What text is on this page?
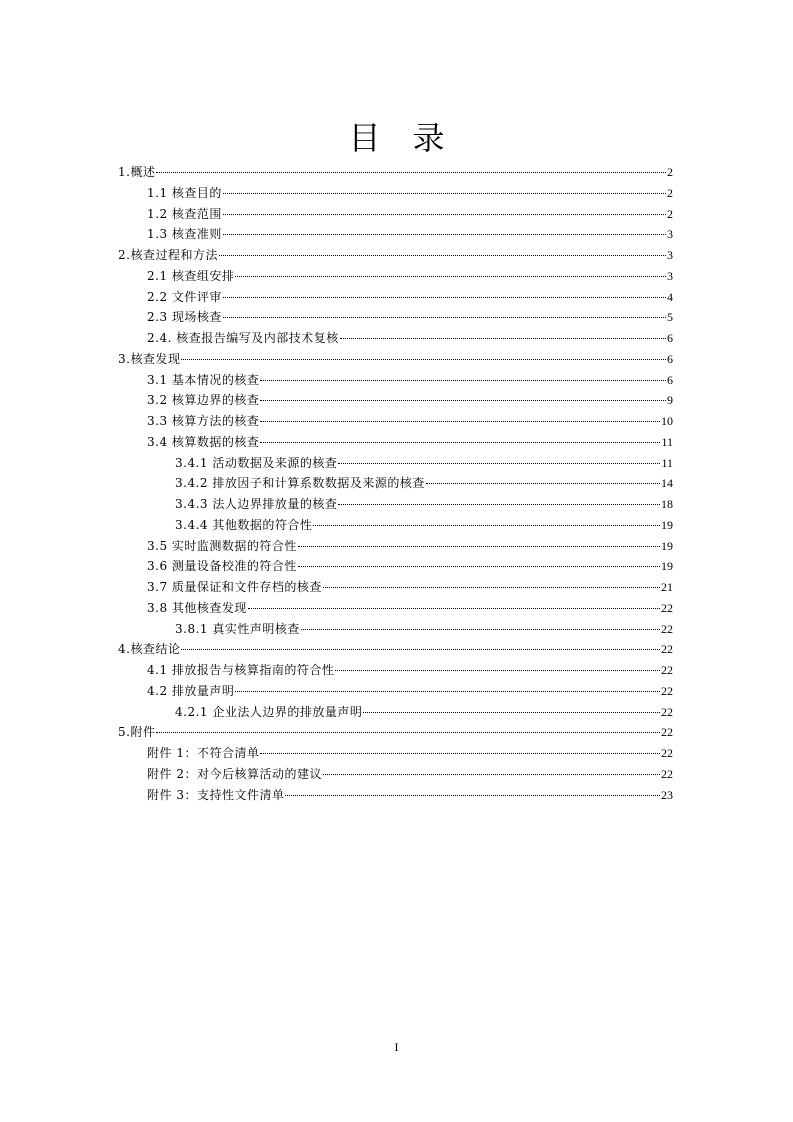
目　录
1.概述	2
1.1 核查目的	2
1.2 核查范围	2
1.3 核查准则	3
2.核查过程和方法	3
2.1 核查组安排	3
2.2 文件评审	4
2.3 现场核查	5
2.4. 核查报告编写及内部技术复核	6
3.核查发现	6
3.1 基本情况的核查	6
3.2 核算边界的核查	9
3.3 核算方法的核查	10
3.4 核算数据的核查	11
3.4.1 活动数据及来源的核查	11
3.4.2 排放因子和计算系数数据及来源的核查	14
3.4.3 法人边界排放量的核查	18
3.4.4 其他数据的符合性	19
3.5 实时监测数据的符合性	19
3.6 测量设备校准的符合性	19
3.7 质量保证和文件存档的核查	21
3.8 其他核查发现	22
3.8.1 真实性声明核查	22
4.核查结论	22
4.1 排放报告与核算指南的符合性	22
4.2 排放量声明	22
4.2.1 企业法人边界的排放量声明	22
5.附件	22
附件 1：不符合清单	22
附件 2：对今后核算活动的建议	22
附件 3：支持性文件清单	23
I
